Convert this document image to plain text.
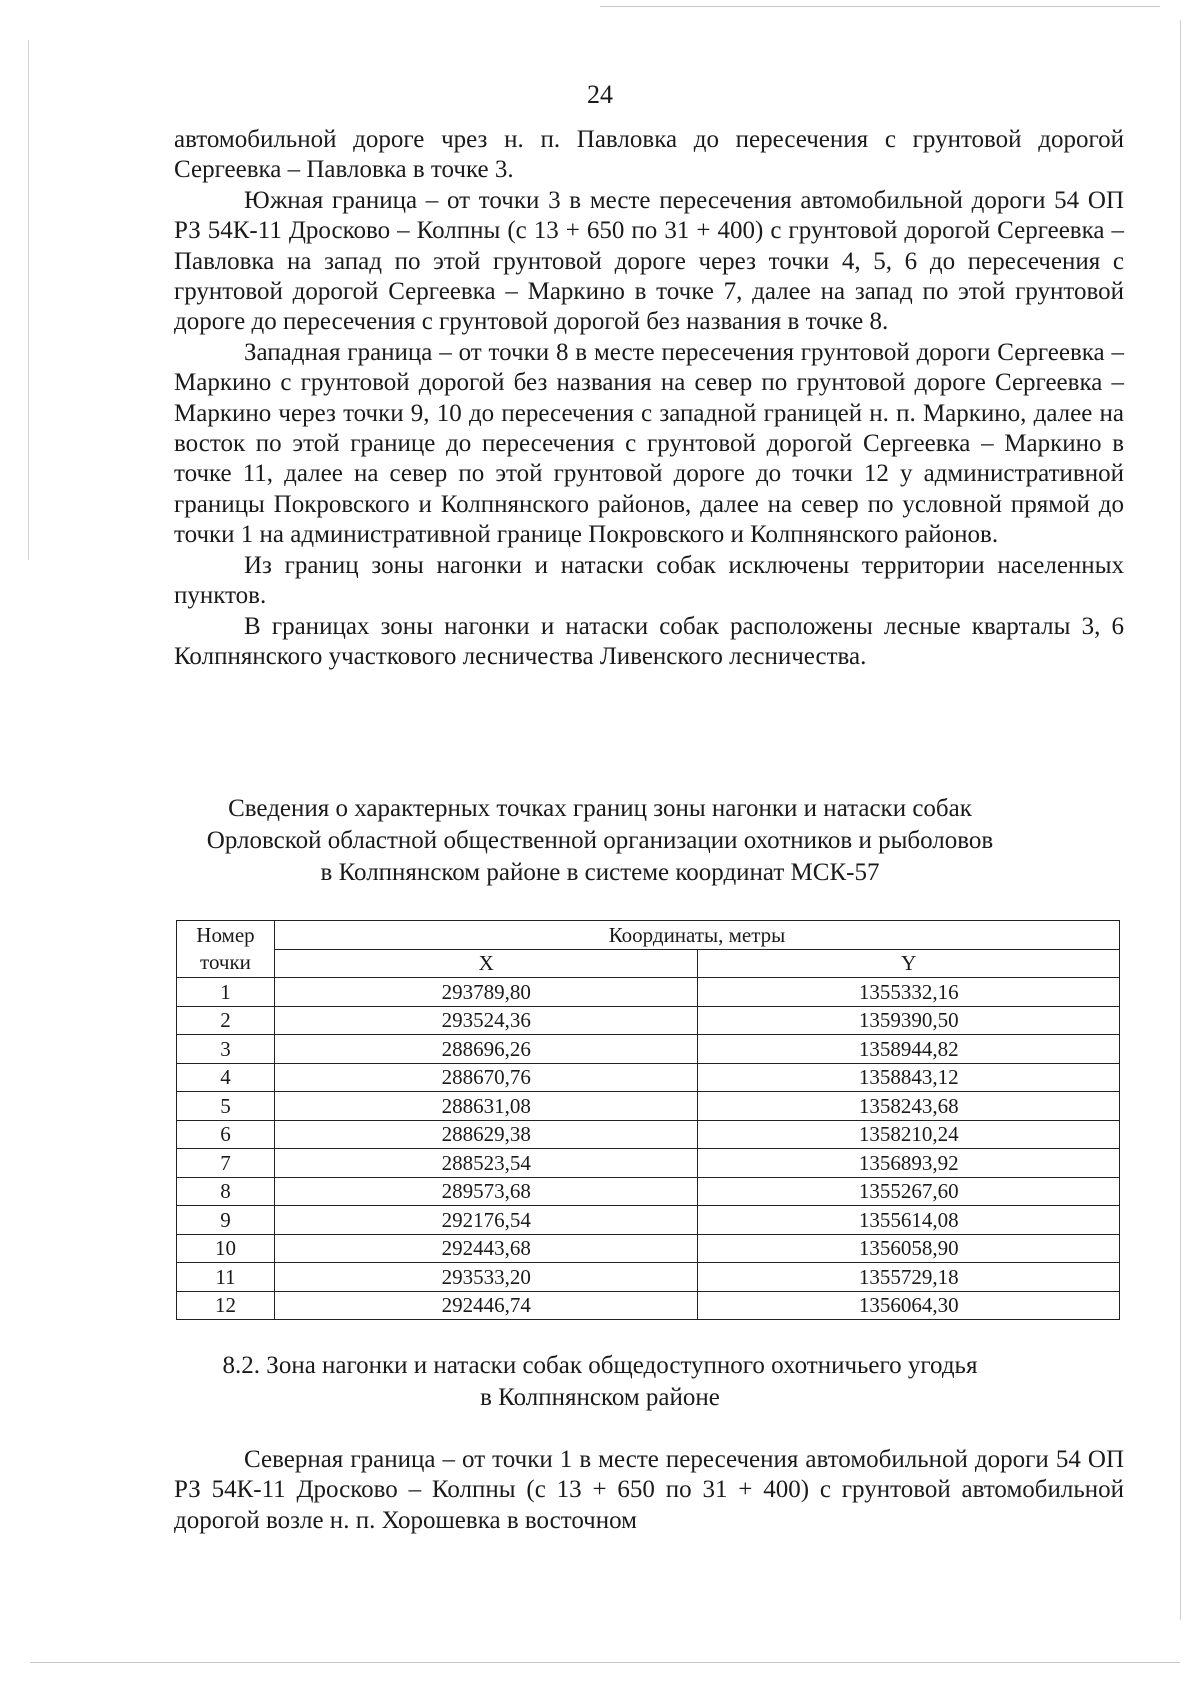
24

автомобильной дороге чрез н. п. Павловка до пересечения с грунтовой дорогой Сергеевка – Павловка в точке 3.

Южная граница – от точки 3 в месте пересечения автомобильной дороги 54 ОП РЗ 54К-11 Дросково – Колпны (с 13 + 650 по 31 + 400) с грунтовой дорогой Сергеевка – Павловка на запад по этой грунтовой дороге через точки 4, 5, 6 до пересечения с грунтовой дорогой Сергеевка – Маркино в точке 7, далее на запад по этой грунтовой дороге до пересечения с грунтовой дорогой без названия в точке 8.

Западная граница – от точки 8 в месте пересечения грунтовой дороги Сергеевка – Маркино с грунтовой дорогой без названия на север по грунтовой дороге Сергеевка – Маркино через точки 9, 10 до пересечения с западной границей н. п. Маркино, далее на восток по этой границе до пересечения с грунтовой дорогой Сергеевка – Маркино в точке 11, далее на север по этой грунтовой дороге до точки 12 у административной границы Покровского и Колпнянского районов, далее на север по условной прямой до точки 1 на административной границе Покровского и Колпнянского районов.

Из границ зоны нагонки и натаски собак исключены территории населенных пунктов.

В границах зоны нагонки и натаски собак расположены лесные кварталы 3, 6 Колпнянского участкового лесничества Ливенского лесничества.

Сведения о характерных точках границ зоны нагонки и натаски собак
Орловской областной общественной организации охотников и рыболовов
в Колпнянском районе в системе координат МСК-57
Номер точки	Координаты, метры	
	X	Y
1	293789,80	1355332,16
2	293524,36	1359390,50
3	288696,26	1358944,82
4	288670,76	1358843,12
5	288631,08	1358243,68
6	288629,38	1358210,24
7	288523,54	1356893,92
8	289573,68	1355267,60
9	292176,54	1355614,08
10	292443,68	1356058,90
11	293533,20	1355729,18
12	292446,74	1356064,30
8.2. Зона нагонки и натаски собак общедоступного охотничьего угодья
в Колпнянском районе

Северная граница – от точки 1 в месте пересечения автомобильной дороги 54 ОП РЗ 54К-11 Дросково – Колпны (с 13 + 650 по 31 + 400) с грунтовой автомобильной дорогой возле н. п. Хорошевка в восточном
